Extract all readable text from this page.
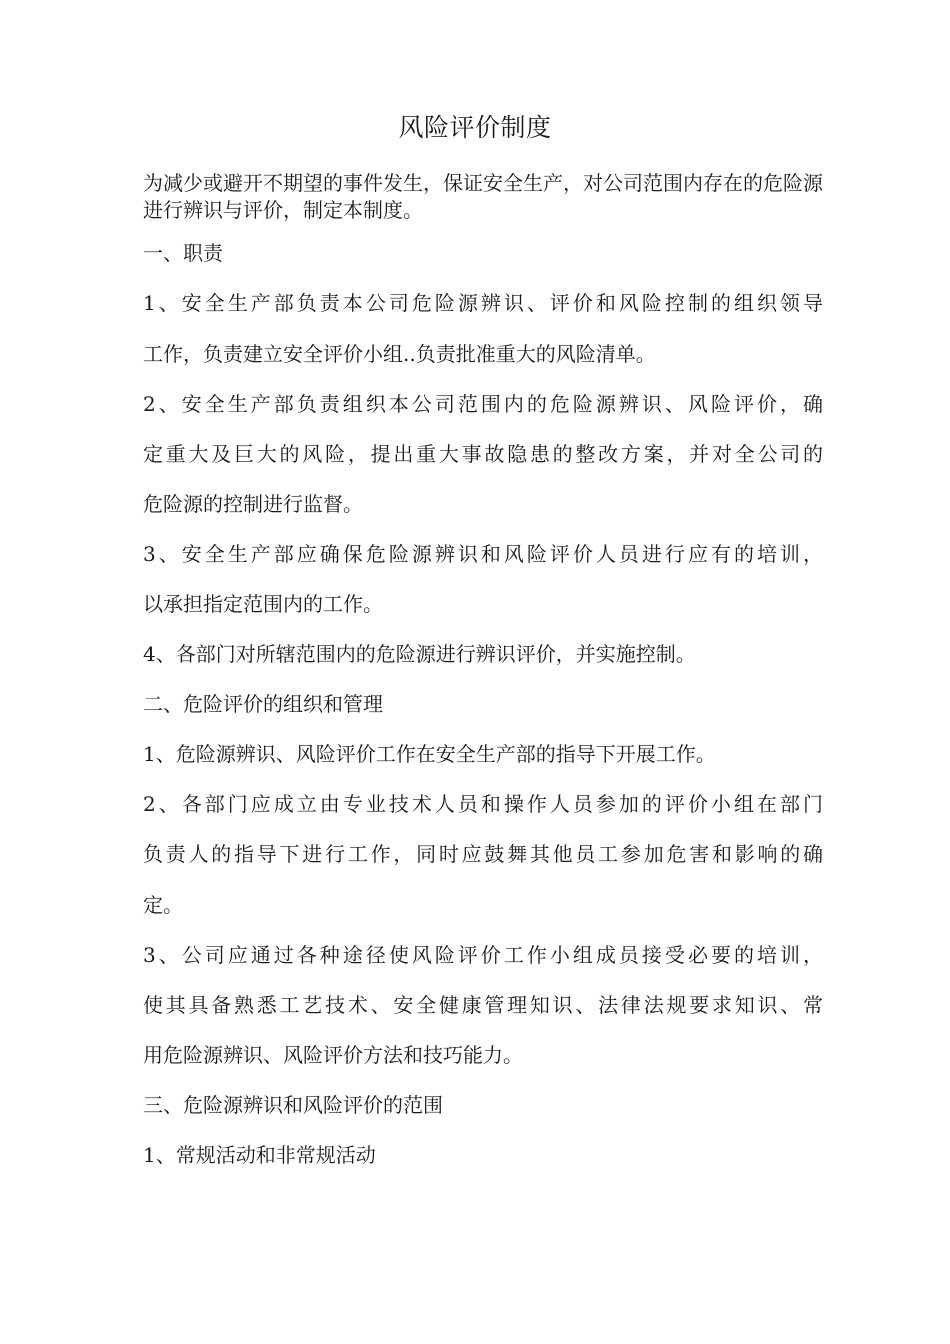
风险评价制度

为减少或避开不期望的事件发生，保证安全生产，对公司范围内存在的危险源进行辨识与评价，制定本制度。

一、职责

1、安全生产部负责本公司危险源辨识、评价和风险控制的组织领导

工作，负责建立安全评价小组..负责批准重大的风险清单。

2、安全生产部负责组织本公司范围内的危险源辨识、风险评价，确

定重大及巨大的风险，提出重大事故隐患的整改方案，并对全公司的

危险源的控制进行监督。

3、安全生产部应确保危险源辨识和风险评价人员进行应有的培训，

以承担指定范围内的工作。

4、各部门对所辖范围内的危险源进行辨识评价，并实施控制。

二、危险评价的组织和管理

1、危险源辨识、风险评价工作在安全生产部的指导下开展工作。

2、各部门应成立由专业技术人员和操作人员参加的评价小组在部门

负责人的指导下进行工作，同时应鼓舞其他员工参加危害和影响的确

定。

3、公司应通过各种途径使风险评价工作小组成员接受必要的培训，

使其具备熟悉工艺技术、安全健康管理知识、法律法规要求知识、常

用危险源辨识、风险评价方法和技巧能力。

三、危险源辨识和风险评价的范围

1、常规活动和非常规活动
